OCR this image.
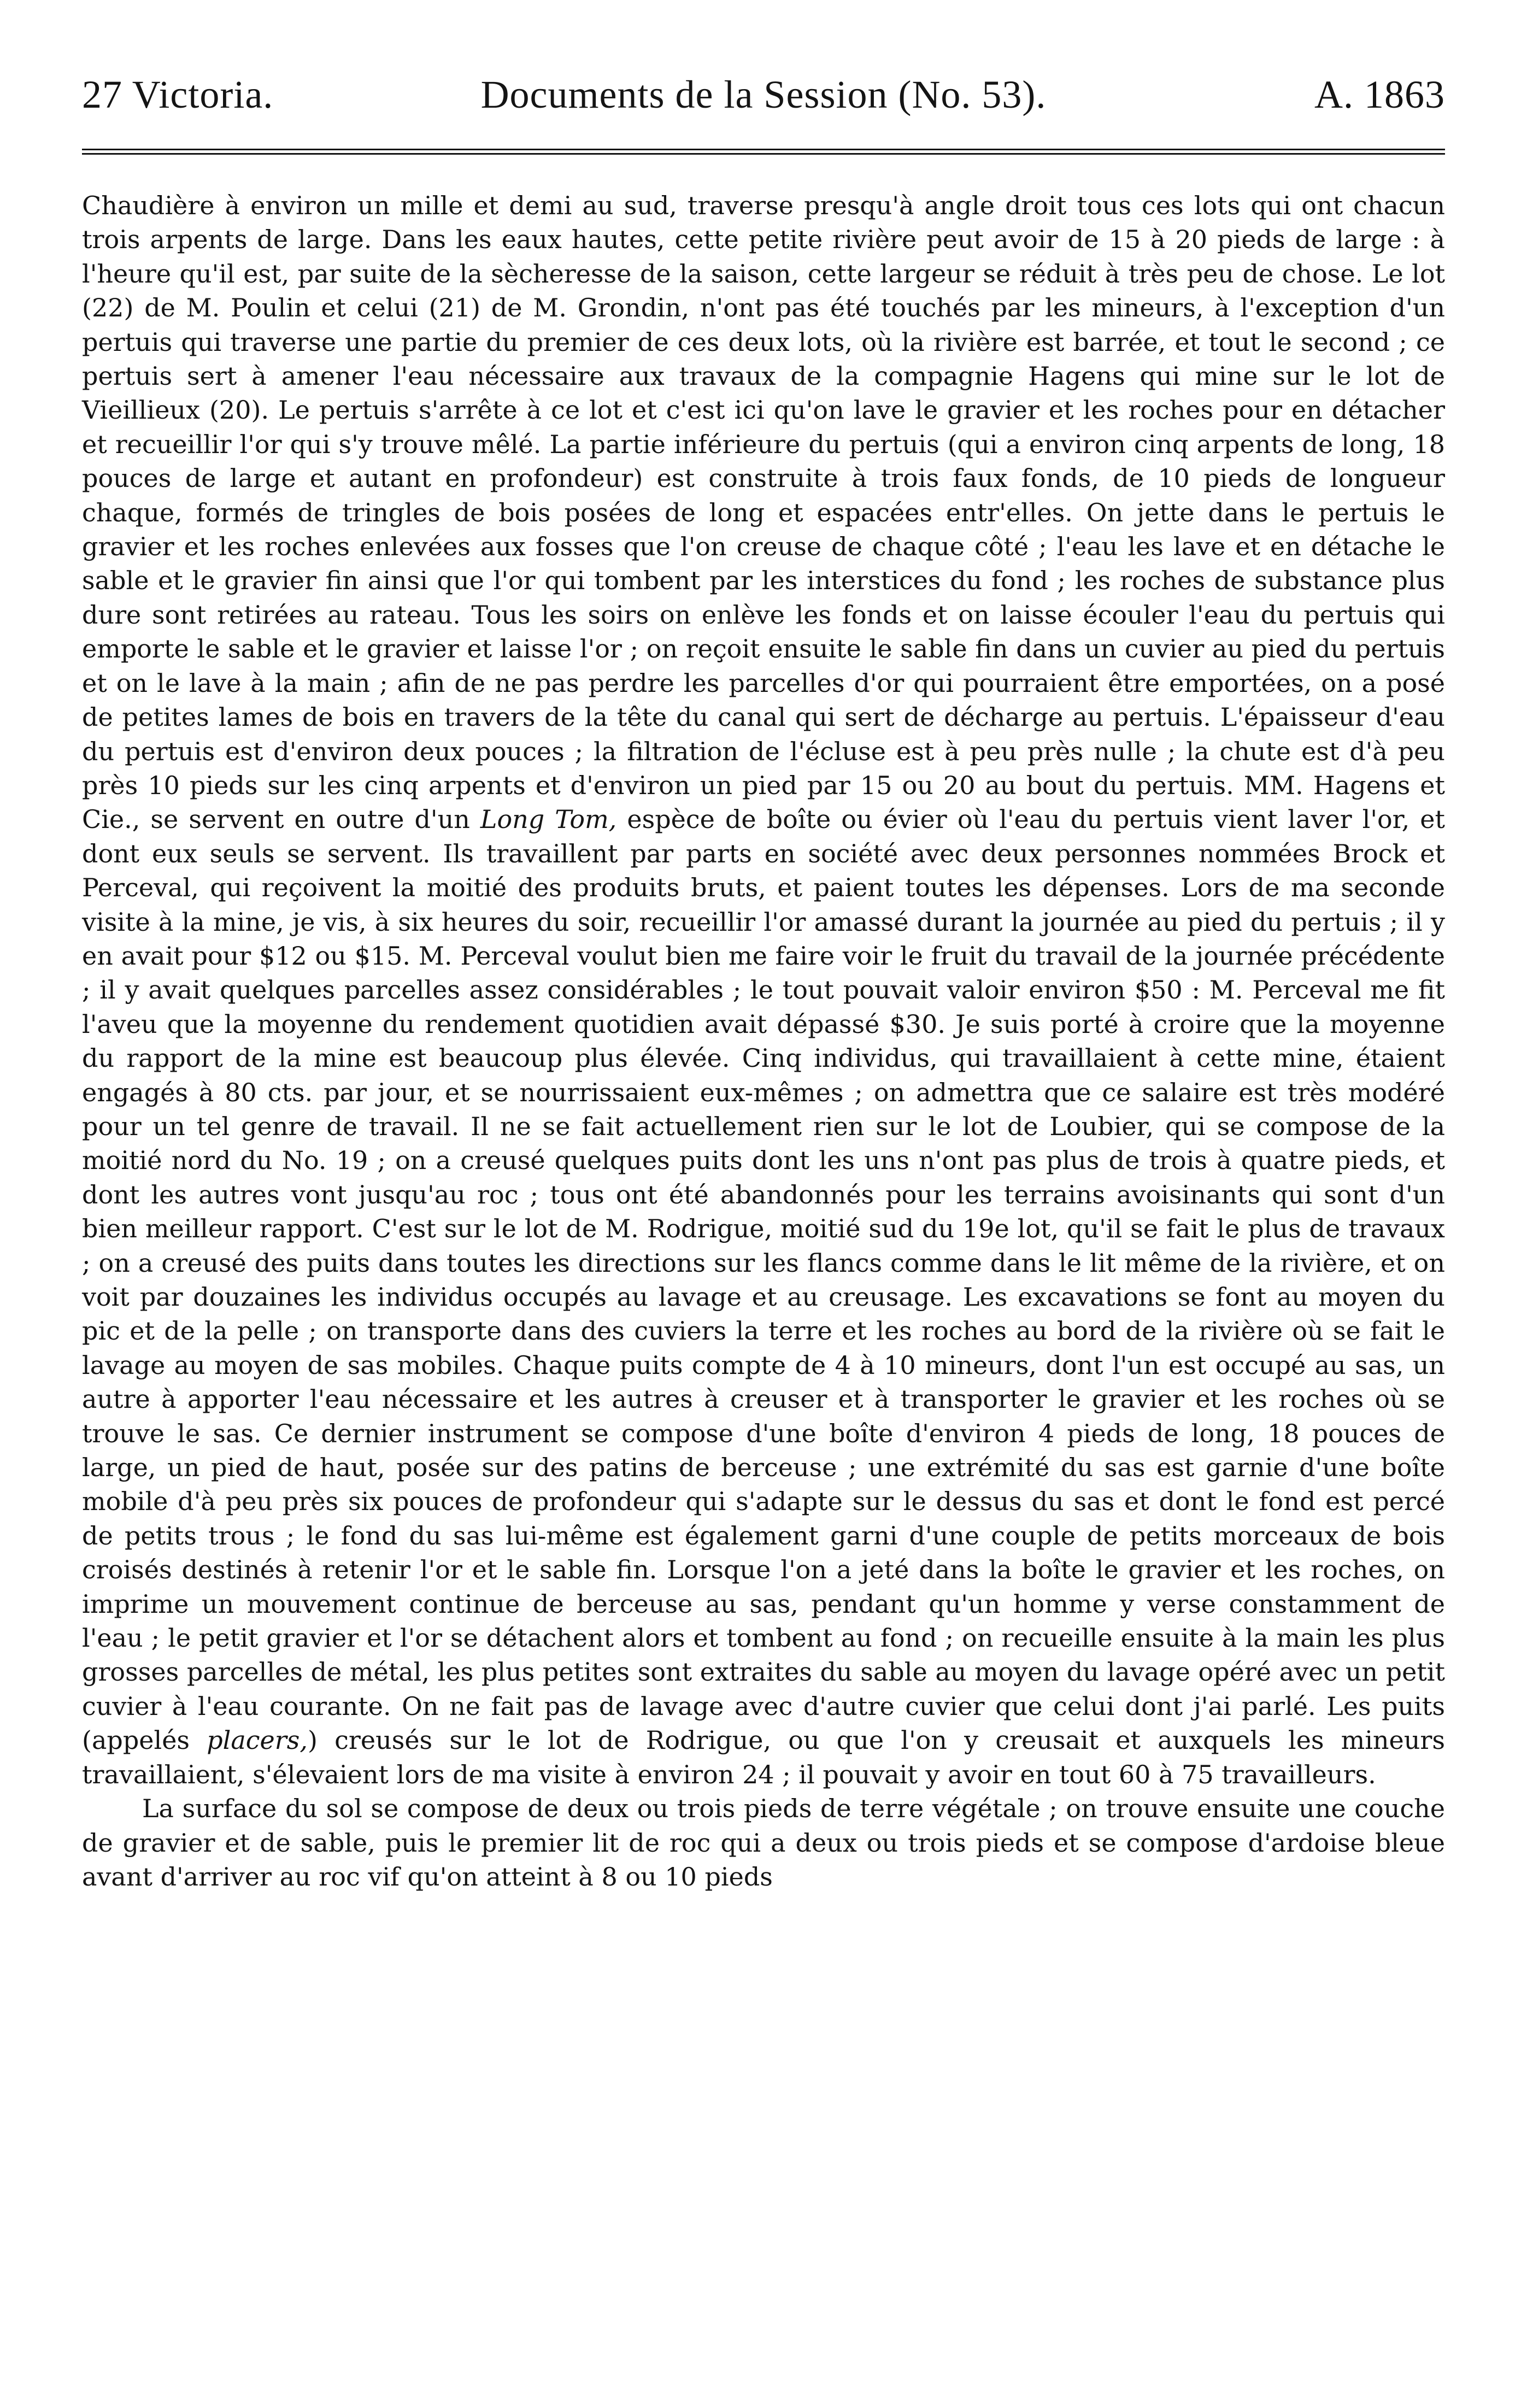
27 Victoria.	Documents de la Session (No. 53).	A. 1863

Chaudière à environ un mille et demi au sud, traverse presqu'à angle droit tous ces lots qui ont chacun trois arpents de large. Dans les eaux hautes, cette petite rivière peut avoir de 15 à 20 pieds de large : à l'heure qu'il est, par suite de la sècheresse de la saison, cette largeur se réduit à très peu de chose. Le lot (22) de M. Poulin et celui (21) de M. Grondin, n'ont pas été touchés par les mineurs, à l'exception d'un pertuis qui traverse une partie du premier de ces deux lots, où la rivière est barrée, et tout le second ; ce pertuis sert à amener l'eau nécessaire aux travaux de la compagnie Hagens qui mine sur le lot de Vieillieux (20). Le pertuis s'arrête à ce lot et c'est ici qu'on lave le gravier et les roches pour en détacher et recueillir l'or qui s'y trouve mêlé. La partie inférieure du pertuis (qui a environ cinq arpents de long, 18 pouces de large et autant en profondeur) est construite à trois faux fonds, de 10 pieds de longueur chaque, formés de tringles de bois posées de long et espacées entr'elles. On jette dans le pertuis le gravier et les roches enlevées aux fosses que l'on creuse de chaque côté ; l'eau les lave et en détache le sable et le gravier fin ainsi que l'or qui tombent par les interstices du fond ; les roches de substance plus dure sont retirées au rateau. Tous les soirs on enlève les fonds et on laisse écouler l'eau du pertuis qui emporte le sable et le gravier et laisse l'or ; on reçoit ensuite le sable fin dans un cuvier au pied du pertuis et on le lave à la main ; afin de ne pas perdre les parcelles d'or qui pourraient être emportées, on a posé de petites lames de bois en travers de la tête du canal qui sert de décharge au pertuis. L'épaisseur d'eau du pertuis est d'environ deux pouces ; la filtration de l'écluse est à peu près nulle ; la chute est d'à peu près 10 pieds sur les cinq arpents et d'environ un pied par 15 ou 20 au bout du pertuis. MM. Hagens et Cie., se servent en outre d'un Long Tom, espèce de boîte ou évier où l'eau du pertuis vient laver l'or, et dont eux seuls se servent. Ils travaillent par parts en société avec deux personnes nommées Brock et Perceval, qui reçoivent la moitié des produits bruts, et paient toutes les dépenses. Lors de ma seconde visite à la mine, je vis, à six heures du soir, recueillir l'or amassé durant la journée au pied du pertuis ; il y en avait pour $12 ou $15. M. Perceval voulut bien me faire voir le fruit du travail de la journée précédente ; il y avait quelques parcelles assez considérables ; le tout pouvait valoir environ $50 : M. Perceval me fit l'aveu que la moyenne du rendement quotidien avait dépassé $30. Je suis porté à croire que la moyenne du rapport de la mine est beaucoup plus élevée. Cinq individus, qui travaillaient à cette mine, étaient engagés à 80 cts. par jour, et se nourrissaient eux-mêmes ; on admettra que ce salaire est très modéré pour un tel genre de travail. Il ne se fait actuellement rien sur le lot de Loubier, qui se compose de la moitié nord du No. 19 ; on a creusé quelques puits dont les uns n'ont pas plus de trois à quatre pieds, et dont les autres vont jusqu'au roc ; tous ont été abandonnés pour les terrains avoisinants qui sont d'un bien meilleur rapport. C'est sur le lot de M. Rodrigue, moitié sud du 19e lot, qu'il se fait le plus de travaux ; on a creusé des puits dans toutes les directions sur les flancs comme dans le lit même de la rivière, et on voit par douzaines les individus occupés au lavage et au creusage. Les excavations se font au moyen du pic et de la pelle ; on transporte dans des cuviers la terre et les roches au bord de la rivière où se fait le lavage au moyen de sas mobiles. Chaque puits compte de 4 à 10 mineurs, dont l'un est occupé au sas, un autre à apporter l'eau nécessaire et les autres à creuser et à transporter le gravier et les roches où se trouve le sas. Ce dernier instrument se compose d'une boîte d'environ 4 pieds de long, 18 pouces de large, un pied de haut, posée sur des patins de berceuse ; une extrémité du sas est garnie d'une boîte mobile d'à peu près six pouces de profondeur qui s'adapte sur le dessus du sas et dont le fond est percé de petits trous ; le fond du sas lui-même est également garni d'une couple de petits morceaux de bois croisés destinés à retenir l'or et le sable fin. Lorsque l'on a jeté dans la boîte le gravier et les roches, on imprime un mouvement continue de berceuse au sas, pendant qu'un homme y verse constamment de l'eau ; le petit gravier et l'or se détachent alors et tombent au fond ; on recueille ensuite à la main les plus grosses parcelles de métal, les plus petites sont extraites du sable au moyen du lavage opéré avec un petit cuvier à l'eau courante. On ne fait pas de lavage avec d'autre cuvier que celui dont j'ai parlé. Les puits (appelés placers,) creusés sur le lot de Rodrigue, ou que l'on y creusait et auxquels les mineurs travaillaient, s'élevaient lors de ma visite à environ 24 ; il pouvait y avoir en tout 60 à 75 travailleurs.

La surface du sol se compose de deux ou trois pieds de terre végétale ; on trouve ensuite une couche de gravier et de sable, puis le premier lit de roc qui a deux ou trois pieds et se compose d'ardoise bleue avant d'arriver au roc vif qu'on atteint à 8 ou 10 pieds
